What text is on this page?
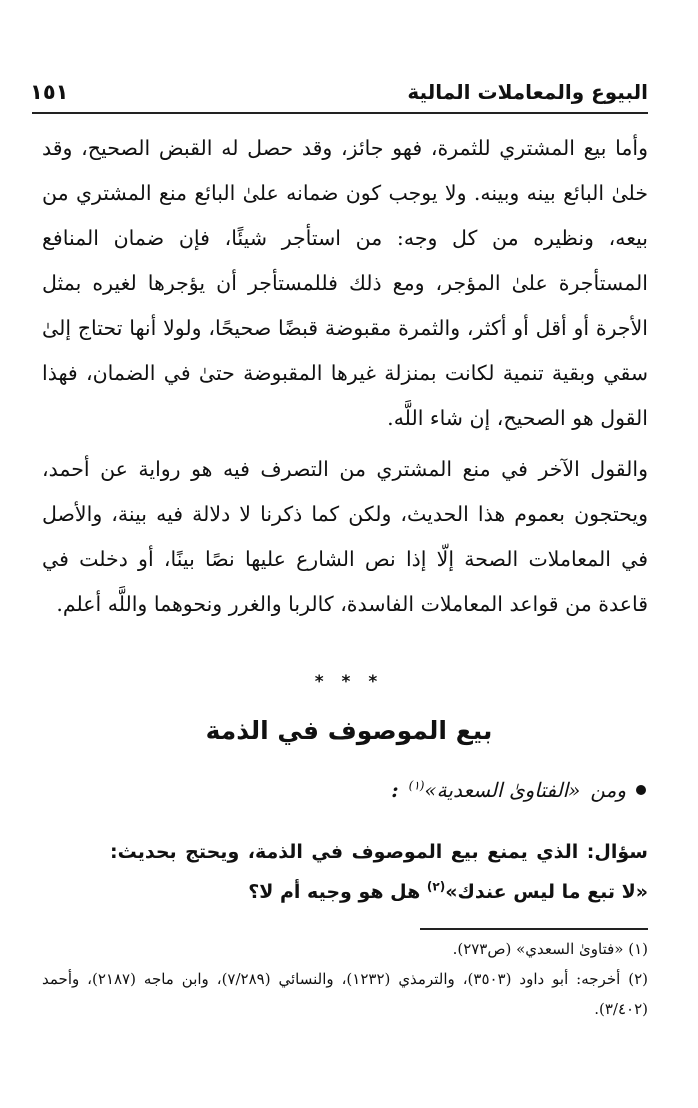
البيوع والمعاملات المالية
١٥١

وأما بيع المشتري للثمرة، فهو جائز، وقد حصل له القبض الصحيح، وقد خلىٰ البائع بينه وبينه. ولا يوجب كون ضمانه علىٰ البائع منع المشتري من بيعه، ونظيره من كل وجه: من استأجر شيئًا، فإن ضمان المنافع المستأجرة علىٰ المؤجر، ومع ذلك فللمستأجر أن يؤجرها لغيره بمثل الأجرة أو أقل أو أكثر، والثمرة مقبوضة قبضًا صحيحًا، ولولا أنها تحتاج إلىٰ سقي وبقية تنمية لكانت بمنزلة غيرها المقبوضة حتىٰ في الضمان، فهذا القول هو الصحيح، إن شاء اللَّه.

والقول الآخر في منع المشتري من التصرف فيه هو رواية عن أحمد، ويحتجون بعموم هذا الحديث، ولكن كما ذكرنا لا دلالة فيه بينة، والأصل في المعاملات الصحة إلّا إذا نص الشارع عليها نصًا بينًا، أو دخلت في قاعدة من قواعد المعاملات الفاسدة، كالربا والغرر ونحوهما واللَّه أعلم.

* * *
بيع الموصوف في الذمة
ومن
«الفتاوىٰ السعدية»$^{(١)}$
:
سؤال: الذي يمنع بيع الموصوف في الذمة، ويحتج بحديث: «لا تبع ما ليس عندك»$^{(٢)}$ هل هو وجيه أم لا؟

(١) «فتاوىٰ السعدي» (ص٢٧٣).

(٢) أخرجه: أبو داود (٣٥٠٣)، والترمذي (١٢٣٢)، والنسائي (٧/٢٨٩)، وابن ماجه (٢١٨٧)، وأحمد (٣/٤٠٢).
